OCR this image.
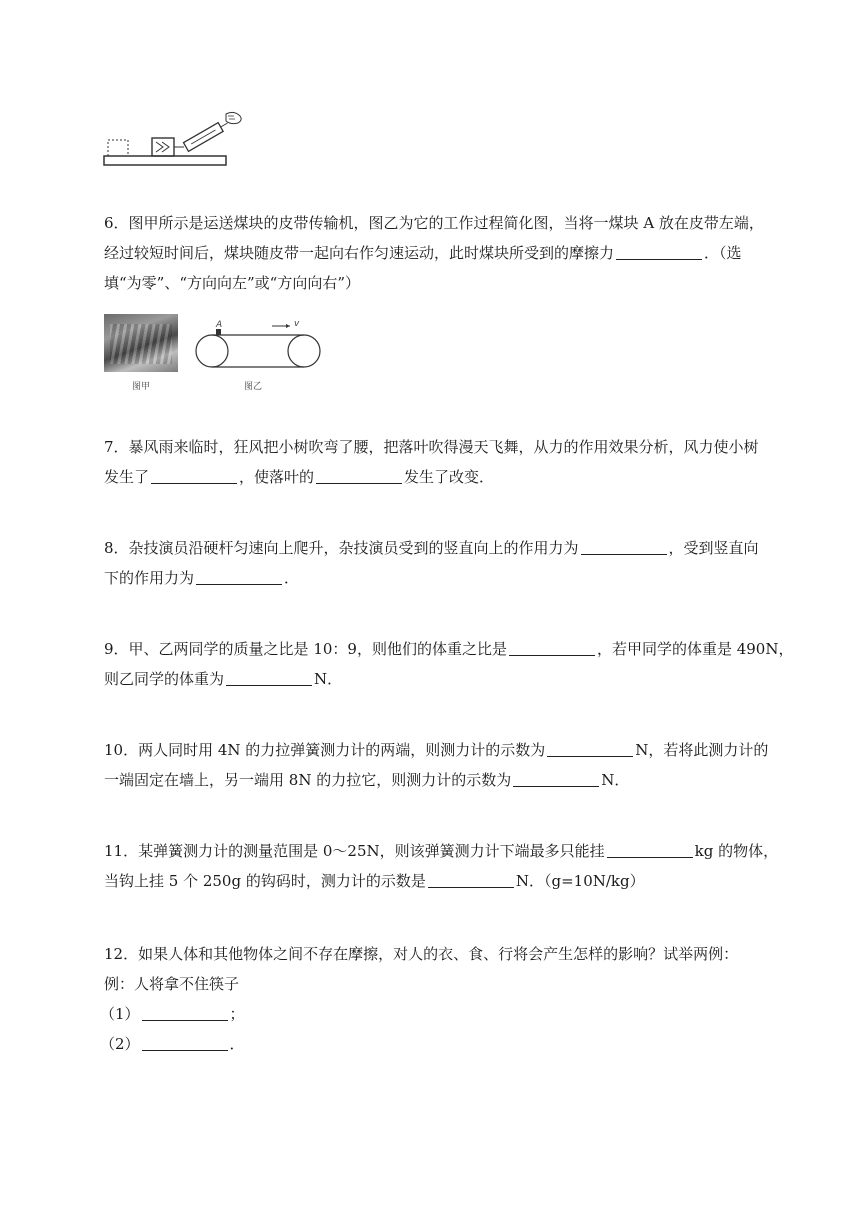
6．图甲所示是运送煤块的皮带传输机，图乙为它的工作过程简化图，当将一煤块 A 放在皮带左端，
经过较短时间后，煤块随皮带一起向右作匀速运动，此时煤块所受到的摩擦力	．（选
填“为零”、“方向向左”或“方向向右”）
图甲
A	v
图乙
7．暴风雨来临时，狂风把小树吹弯了腰，把落叶吹得漫天飞舞，从力的作用效果分析，风力使小树
发生了	，使落叶的	发生了改变．
8．杂技演员沿硬杆匀速向上爬升，杂技演员受到的竖直向上的作用力为	，受到竖直向
下的作用力为	．
9．甲、乙两同学的质量之比是 10：9，则他们的体重之比是	，若甲同学的体重是 490N，
则乙同学的体重为	N．
10．两人同时用 4N 的力拉弹簧测力计的两端，则测力计的示数为	N，若将此测力计的
一端固定在墙上，另一端用 8N 的力拉它，则测力计的示数为	N．
11．某弹簧测力计的测量范围是 0～25N，则该弹簧测力计下端最多只能挂	kg 的物体，
当钩上挂 5 个 250g 的钩码时，测力计的示数是	N．（g=10N/kg）
12．如果人体和其他物体之间不存在摩擦，对人的衣、食、行将会产生怎样的影响？试举两例：
例：人将拿不住筷子
（1）	；
（2）	．
